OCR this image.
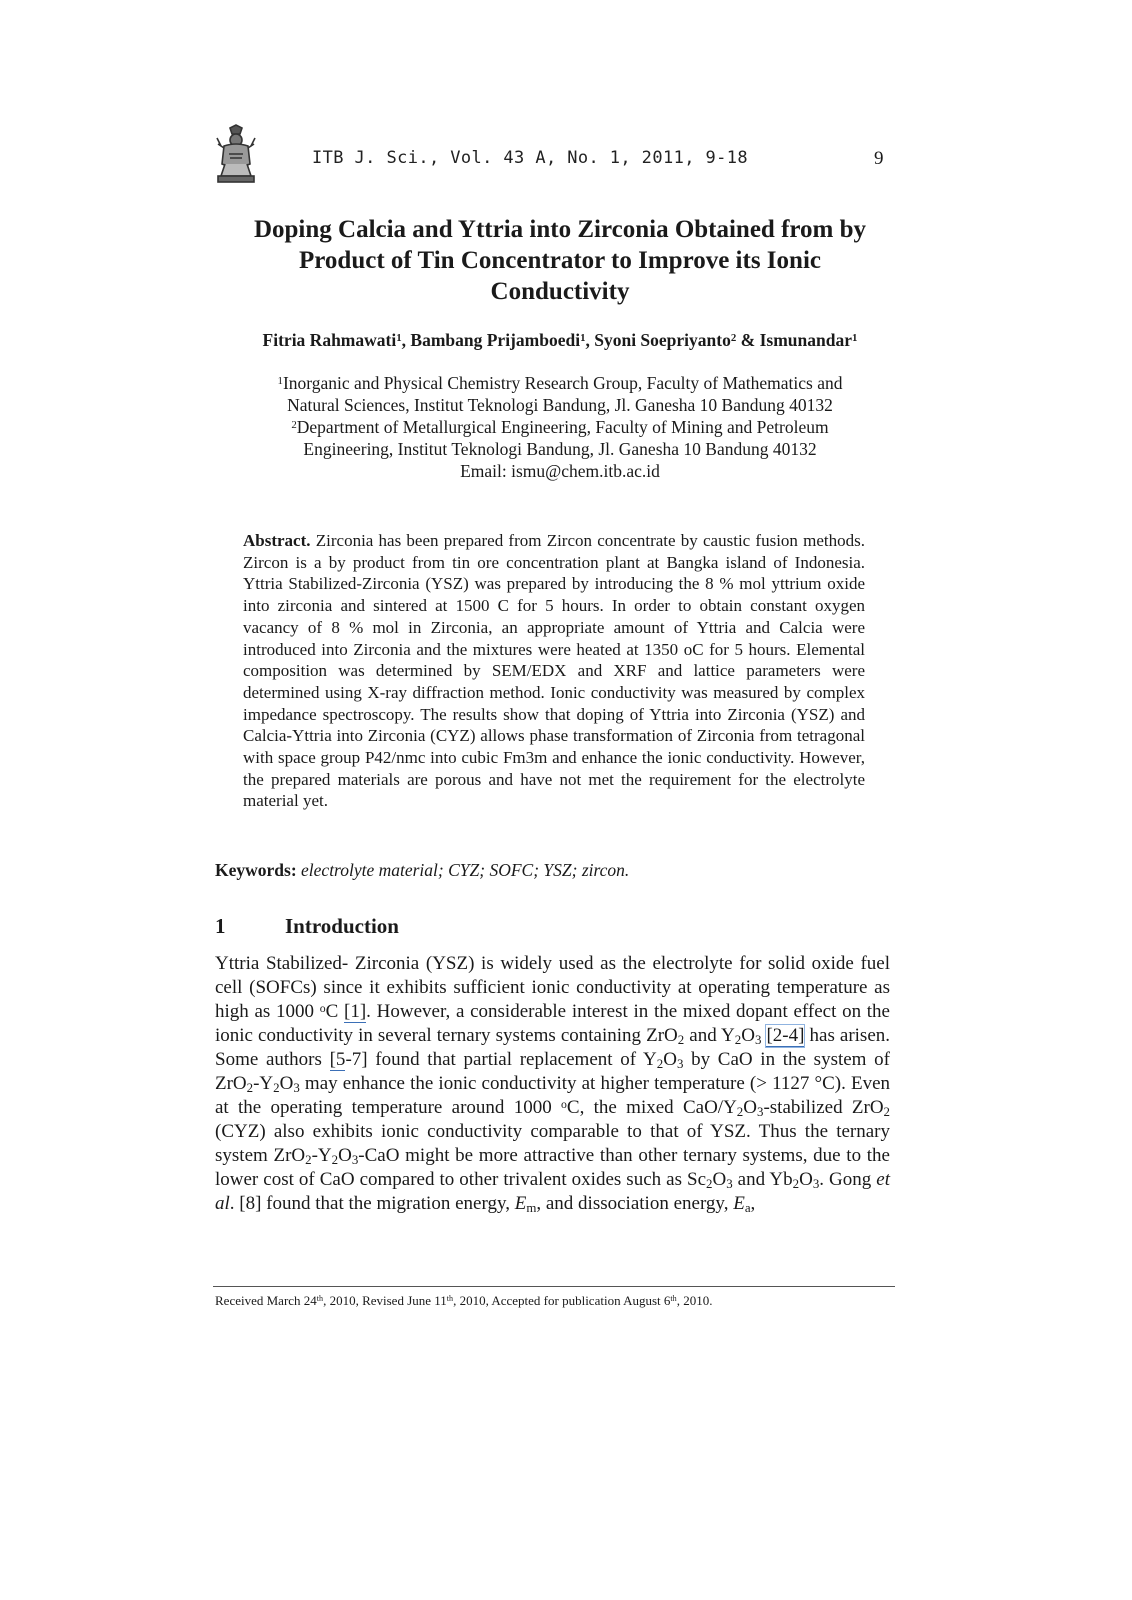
ITB J. Sci., Vol. 43 A, No. 1, 2011, 9-18	9
Doping Calcia and Yttria into Zirconia Obtained from by
Product of Tin Concentrator to Improve its Ionic
Conductivity
Fitria Rahmawati$^1$, Bambang Prijamboedi$^1$, Syoni Soepriyanto$^2$ & Ismunandar$^1$
$^1$Inorganic and Physical Chemistry Research Group, Faculty of Mathematics and
Natural Sciences, Institut Teknologi Bandung, Jl. Ganesha 10 Bandung 40132
$^2$Department of Metallurgical Engineering, Faculty of Mining and Petroleum
Engineering, Institut Teknologi Bandung, Jl. Ganesha 10 Bandung 40132
Email: ismu@chem.itb.ac.id
Abstract. Zirconia has been prepared from Zircon concentrate by caustic fusion methods. Zircon is a by product from tin ore concentration plant at Bangka island of Indonesia. Yttria Stabilized-Zirconia (YSZ) was prepared by introducing the 8 % mol yttrium oxide into zirconia and sintered at 1500 C for 5 hours. In order to obtain constant oxygen vacancy of 8 % mol in Zirconia, an appropriate amount of Yttria and Calcia were introduced into Zirconia and the mixtures were heated at 1350 oC for 5 hours. Elemental composition was determined by SEM/EDX and XRF and lattice parameters were determined using X-ray diffraction method. Ionic conductivity was measured by complex impedance spectroscopy. The results show that doping of Yttria into Zirconia (YSZ) and Calcia-Yttria into Zirconia (CYZ) allows phase transformation of Zirconia from tetragonal with space group P42/nmc into cubic Fm3m and enhance the ionic conductivity. However, the prepared materials are porous and have not met the requirement for the electrolyte material yet.
Keywords: electrolyte material; CYZ; SOFC; YSZ; zircon.
1	Introduction
Yttria Stabilized- Zirconia (YSZ) is widely used as the electrolyte for solid oxide fuel cell (SOFCs) since it exhibits sufficient ionic conductivity at operating temperature as high as 1000 $^o$C [1]. However, a considerable interest in the mixed dopant effect on the ionic conductivity in several ternary systems containing ZrO$_2$ and $Y_2O_3$ [2-4] has arisen. Some authors [5-7] found that partial replacement of $Y_2O_3$ by CaO in the system of $ZrO_2-Y_2O_3$ may enhance the ionic conductivity at higher temperature (> 1127 °C). Even at the operating temperature around 1000 $^o$C, the mixed CaO/$Y_2O_3$-stabilized ZrO$_2$ (CYZ) also exhibits ionic conductivity comparable to that of YSZ. Thus the ternary system $ZrO_2-Y_2O_3$-CaO might be more attractive than other ternary systems, due to the lower cost of CaO compared to other trivalent oxides such as $Sc_2O_3$ and $Yb_2O_3$. Gong et al. [8] found that the migration energy, $E_m$, and dissociation energy, $E_a$,
Received March 24th, 2010, Revised June 11th, 2010, Accepted for publication August 6th, 2010.
